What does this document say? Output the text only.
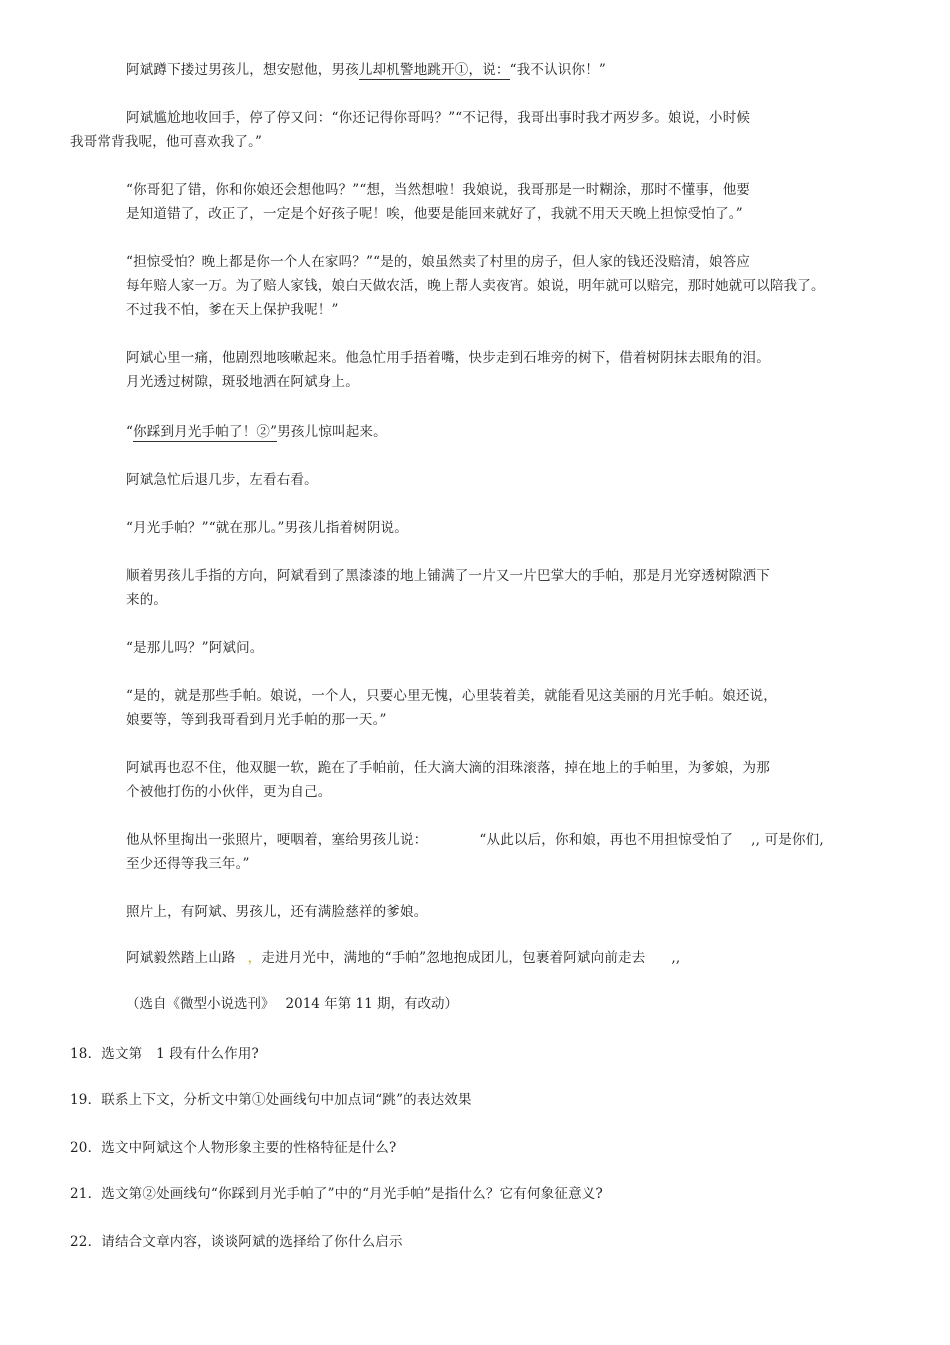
阿斌蹲下搂过男孩儿，想安慰他，男孩儿却机警地跳开①，说：“我不认识你！”
阿斌尴尬地收回手，停了停又问：“你还记得你哥吗？”“不记得，我哥出事时我才两岁多。娘说，小时候
我哥常背我呢，他可喜欢我了。”
“你哥犯了错，你和你娘还会想他吗？”“想，当然想啦！我娘说，我哥那是一时糊涂，那时不懂事，他要
是知道错了，改正了，一定是个好孩子呢！唉，他要是能回来就好了，我就不用天天晚上担惊受怕了。”
“担惊受怕？晚上都是你一个人在家吗？”“是的，娘虽然卖了村里的房子，但人家的钱还没赔清，娘答应
每年赔人家一万。为了赔人家钱，娘白天做农活，晚上帮人卖夜宵。娘说，明年就可以赔完，那时她就可以陪我了。
不过我不怕，爹在天上保护我呢！”
阿斌心里一痛，他剧烈地咳嗽起来。他急忙用手捂着嘴，快步走到石堆旁的树下，借着树阴抹去眼角的泪。
月光透过树隙，斑驳地洒在阿斌身上。
“你踩到月光手帕了！②”男孩儿惊叫起来。
阿斌急忙后退几步，左看右看。
“月光手帕？”“就在那儿。”男孩儿指着树阴说。
顺着男孩儿手指的方向，阿斌看到了黑漆漆的地上铺满了一片又一片巴掌大的手帕，那是月光穿透树隙洒下
来的。
“是那儿吗？”阿斌问。
“是的，就是那些手帕。娘说，一个人，只要心里无愧，心里装着美，就能看见这美丽的月光手帕。娘还说，
娘要等，等到我哥看到月光手帕的那一天。”
阿斌再也忍不住，他双腿一软，跪在了手帕前，任大滴大滴的泪珠滚落，掉在地上的手帕里，为爹娘，为那
个被他打伤的小伙伴，更为自己。
他从怀里掏出一张照片，哽咽着，塞给男孩儿说：	“从此以后，你和娘，再也不用担惊受怕了 ,, 可是你们,
至少还得等我三年。”
照片上，有阿斌、男孩儿，还有满脸慈祥的爹娘。
阿斌毅然踏上山路 ，走进月光中，满地的“手帕”忽地抱成团儿，包裹着阿斌向前走去 ,,
（选自《微型小说选刊》　 2014 年第 11 期，有改动）
18．选文第　1 段有什么作用?
19．联系上下文，分析文中第①处画线句中加点词“跳”的表达效果
20．选文中阿斌这个人物形象主要的性格特征是什么?
21．选文第②处画线句“你踩到月光手帕了”中的“月光手帕”是指什么？它有何象征意义?
22．请结合文章内容，谈谈阿斌的选择给了你什么启示
